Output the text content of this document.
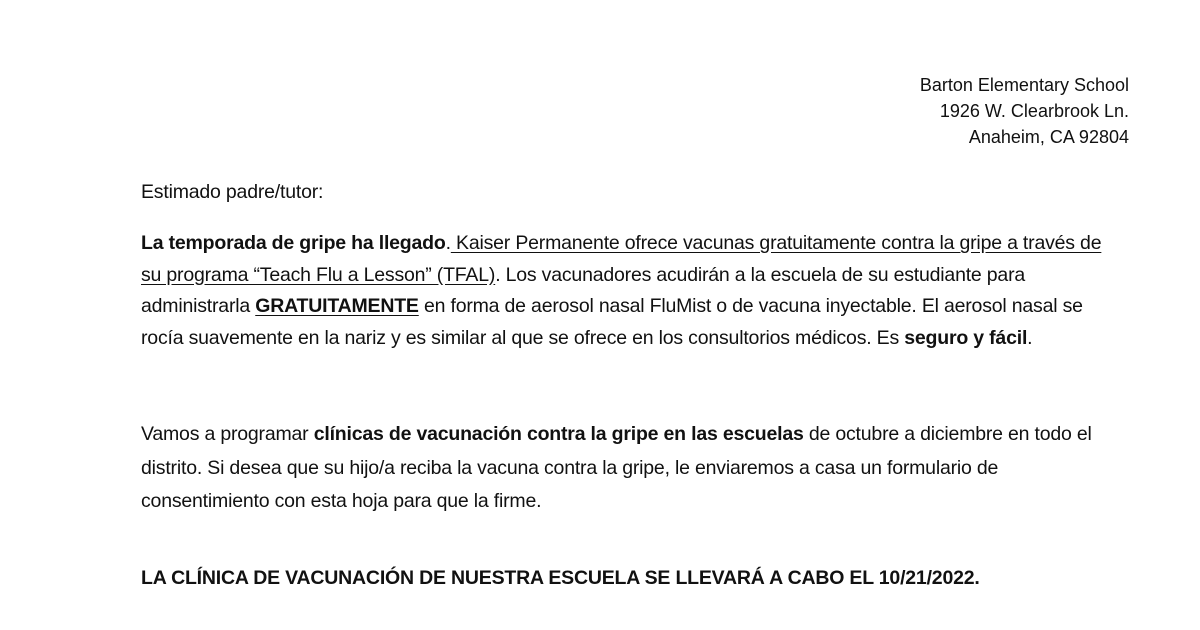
Barton Elementary School
1926 W. Clearbrook Ln.
Anaheim, CA 92804
Estimado padre/tutor:
La temporada de gripe ha llegado. Kaiser Permanente ofrece vacunas gratuitamente contra la gripe a través de su programa “Teach Flu a Lesson” (TFAL). Los vacunadores acudirán a la escuela de su estudiante para administrarla GRATUITAMENTE en forma de aerosol nasal FluMist o de vacuna inyectable. El aerosol nasal se rocía suavemente en la nariz y es similar al que se ofrece en los consultorios médicos. Es seguro y fácil.
Vamos a programar clínicas de vacunación contra la gripe en las escuelas de octubre a diciembre en todo el distrito. Si desea que su hijo/a reciba la vacuna contra la gripe, le enviaremos a casa un formulario de consentimiento con esta hoja para que la firme.
LA CLÍNICA DE VACUNACIÓN DE NUESTRA ESCUELA SE LLEVARÁ A CABO EL 10/21/2022.
